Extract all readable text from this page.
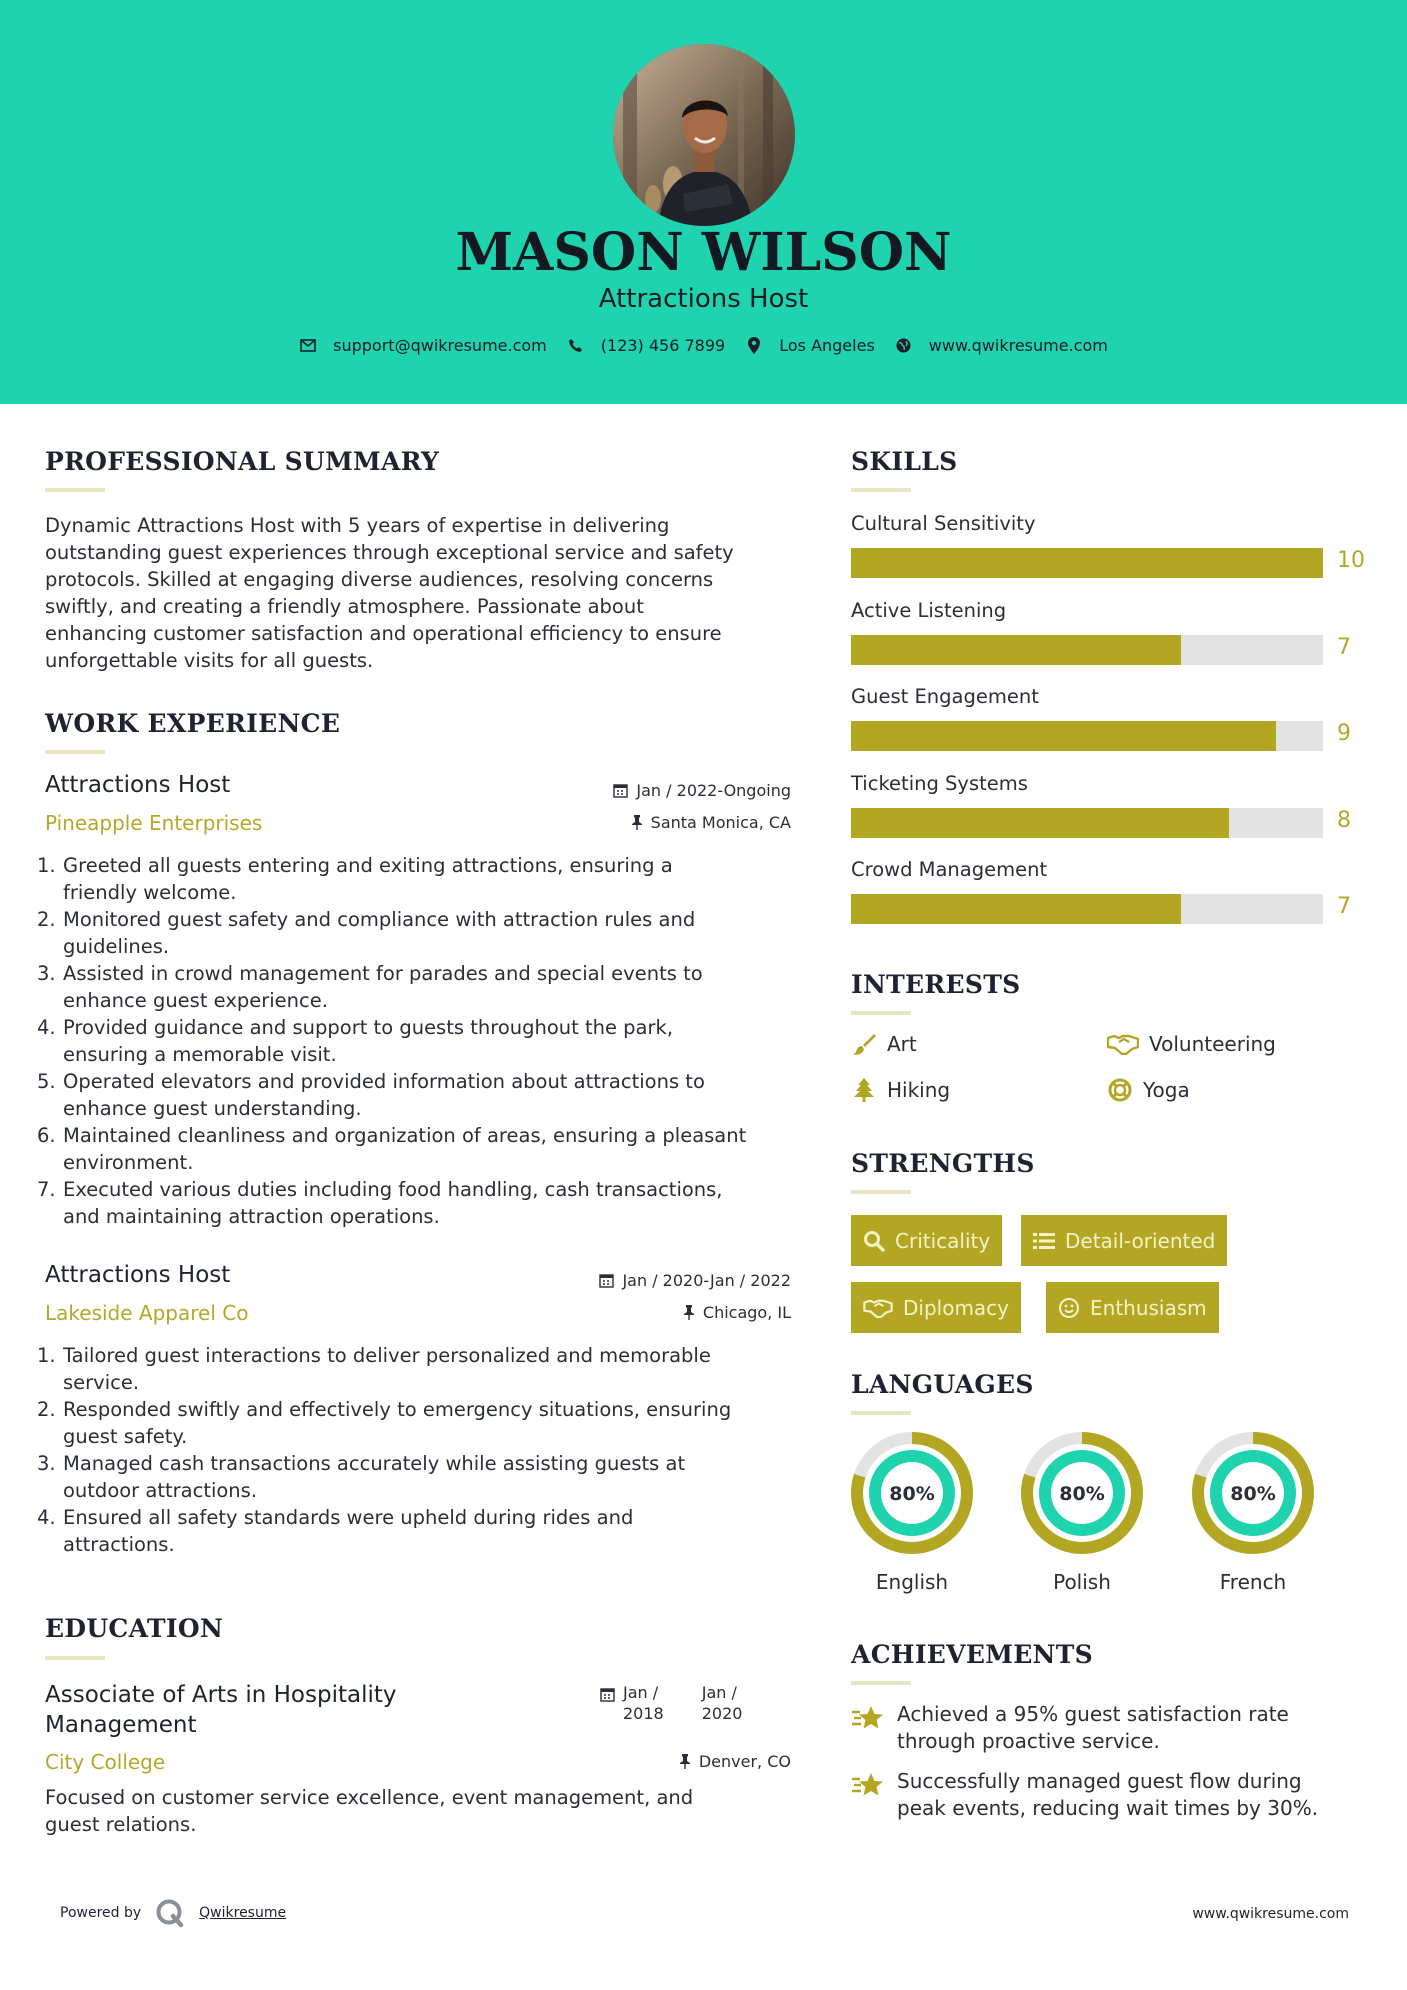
MASON WILSON
Attractions Host
support@qwikresume.com	(123) 456 7899	Los Angeles	www.qwikresume.com
PROFESSIONAL SUMMARY
Dynamic Attractions Host with 5 years of expertise in delivering
outstanding guest experiences through exceptional service and safety
protocols. Skilled at engaging diverse audiences, resolving concerns
swiftly, and creating a friendly atmosphere. Passionate about
enhancing customer satisfaction and operational efficiency to ensure
unforgettable visits for all guests.
WORK EXPERIENCE
Attractions Host
Pineapple Enterprises
Jan / 2022-Ongoing
Santa Monica, CA
1. Greeted all guests entering and exiting attractions, ensuring a
friendly welcome.
2. Monitored guest safety and compliance with attraction rules and
guidelines.
3. Assisted in crowd management for parades and special events to
enhance guest experience.
4. Provided guidance and support to guests throughout the park,
ensuring a memorable visit.
5. Operated elevators and provided information about attractions to
enhance guest understanding.
6. Maintained cleanliness and organization of areas, ensuring a pleasant
environment.
7. Executed various duties including food handling, cash transactions,
and maintaining attraction operations.
Attractions Host
Lakeside Apparel Co
Jan / 2020-Jan / 2022
Chicago, IL
1. Tailored guest interactions to deliver personalized and memorable
service.
2. Responded swiftly and effectively to emergency situations, ensuring
guest safety.
3. Managed cash transactions accurately while assisting guests at
outdoor attractions.
4. Ensured all safety standards were upheld during rides and
attractions.
EDUCATION
Associate of Arts in Hospitality
Management
City College
Jan /
2018
Jan /
2020
Denver, CO
Focused on customer service excellence, event management, and
guest relations.
SKILLS
Cultural Sensitivity
10
Active Listening
7
Guest Engagement
9
Ticketing Systems
8
Crowd Management
7
INTERESTS
Art	Volunteering
Hiking	Yoga
STRENGTHS
Criticality	Detail-oriented
Diplomacy	Enthusiasm
LANGUAGES
80%
English
80%
Polish
80%
French
ACHIEVEMENTS
Achieved a 95% guest satisfaction rate
through proactive service.
Successfully managed guest flow during
peak events, reducing wait times by 30%.
Powered by	Qwikresume	www.qwikresume.com
